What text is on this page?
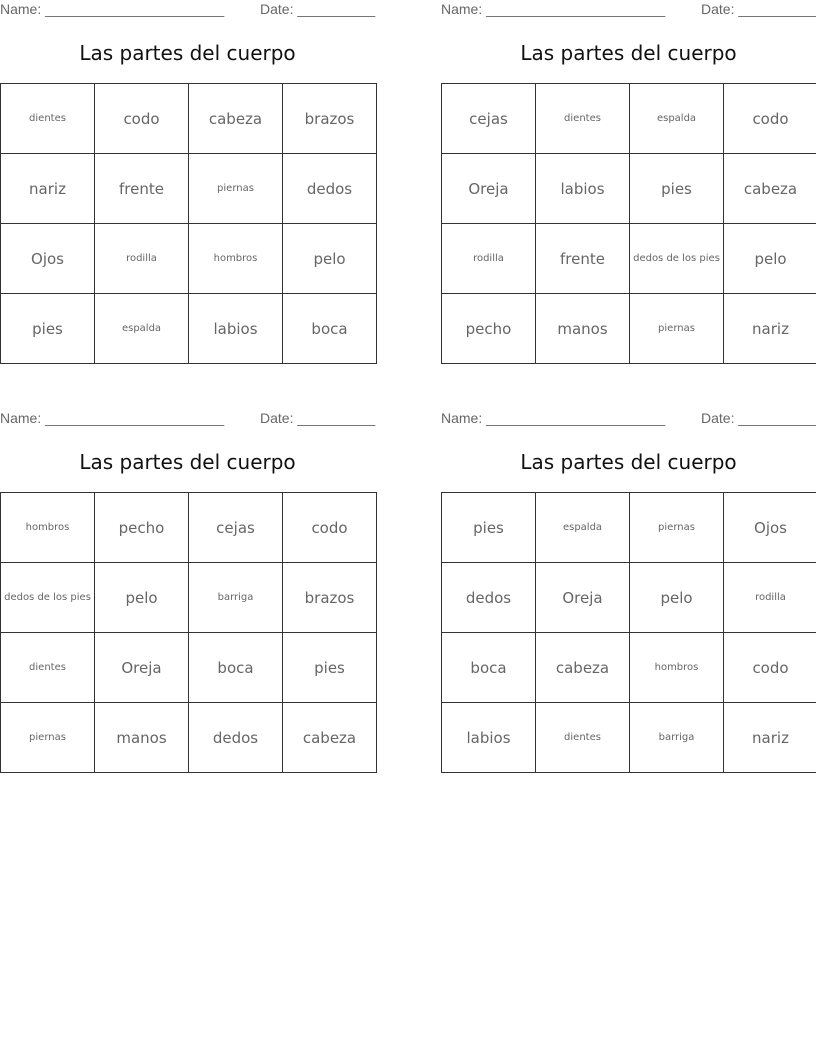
Name: _______________________	Date: __________
Las partes del cuerpo
dientes	codo	cabeza	brazos
nariz	frente	piernas	dedos
Ojos	rodilla	hombros	pelo
pies	espalda	labios	boca
Name: _______________________	Date: __________
Las partes del cuerpo
cejas	dientes	espalda	codo
Oreja	labios	pies	cabeza
rodilla	frente	dedos de los pies	pelo
pecho	manos	piernas	nariz
Name: _______________________	Date: __________
Las partes del cuerpo
hombros	pecho	cejas	codo
dedos de los pies	pelo	barriga	brazos
dientes	Oreja	boca	pies
piernas	manos	dedos	cabeza
Name: _______________________	Date: __________
Las partes del cuerpo
pies	espalda	piernas	Ojos
dedos	Oreja	pelo	rodilla
boca	cabeza	hombros	codo
labios	dientes	barriga	nariz
